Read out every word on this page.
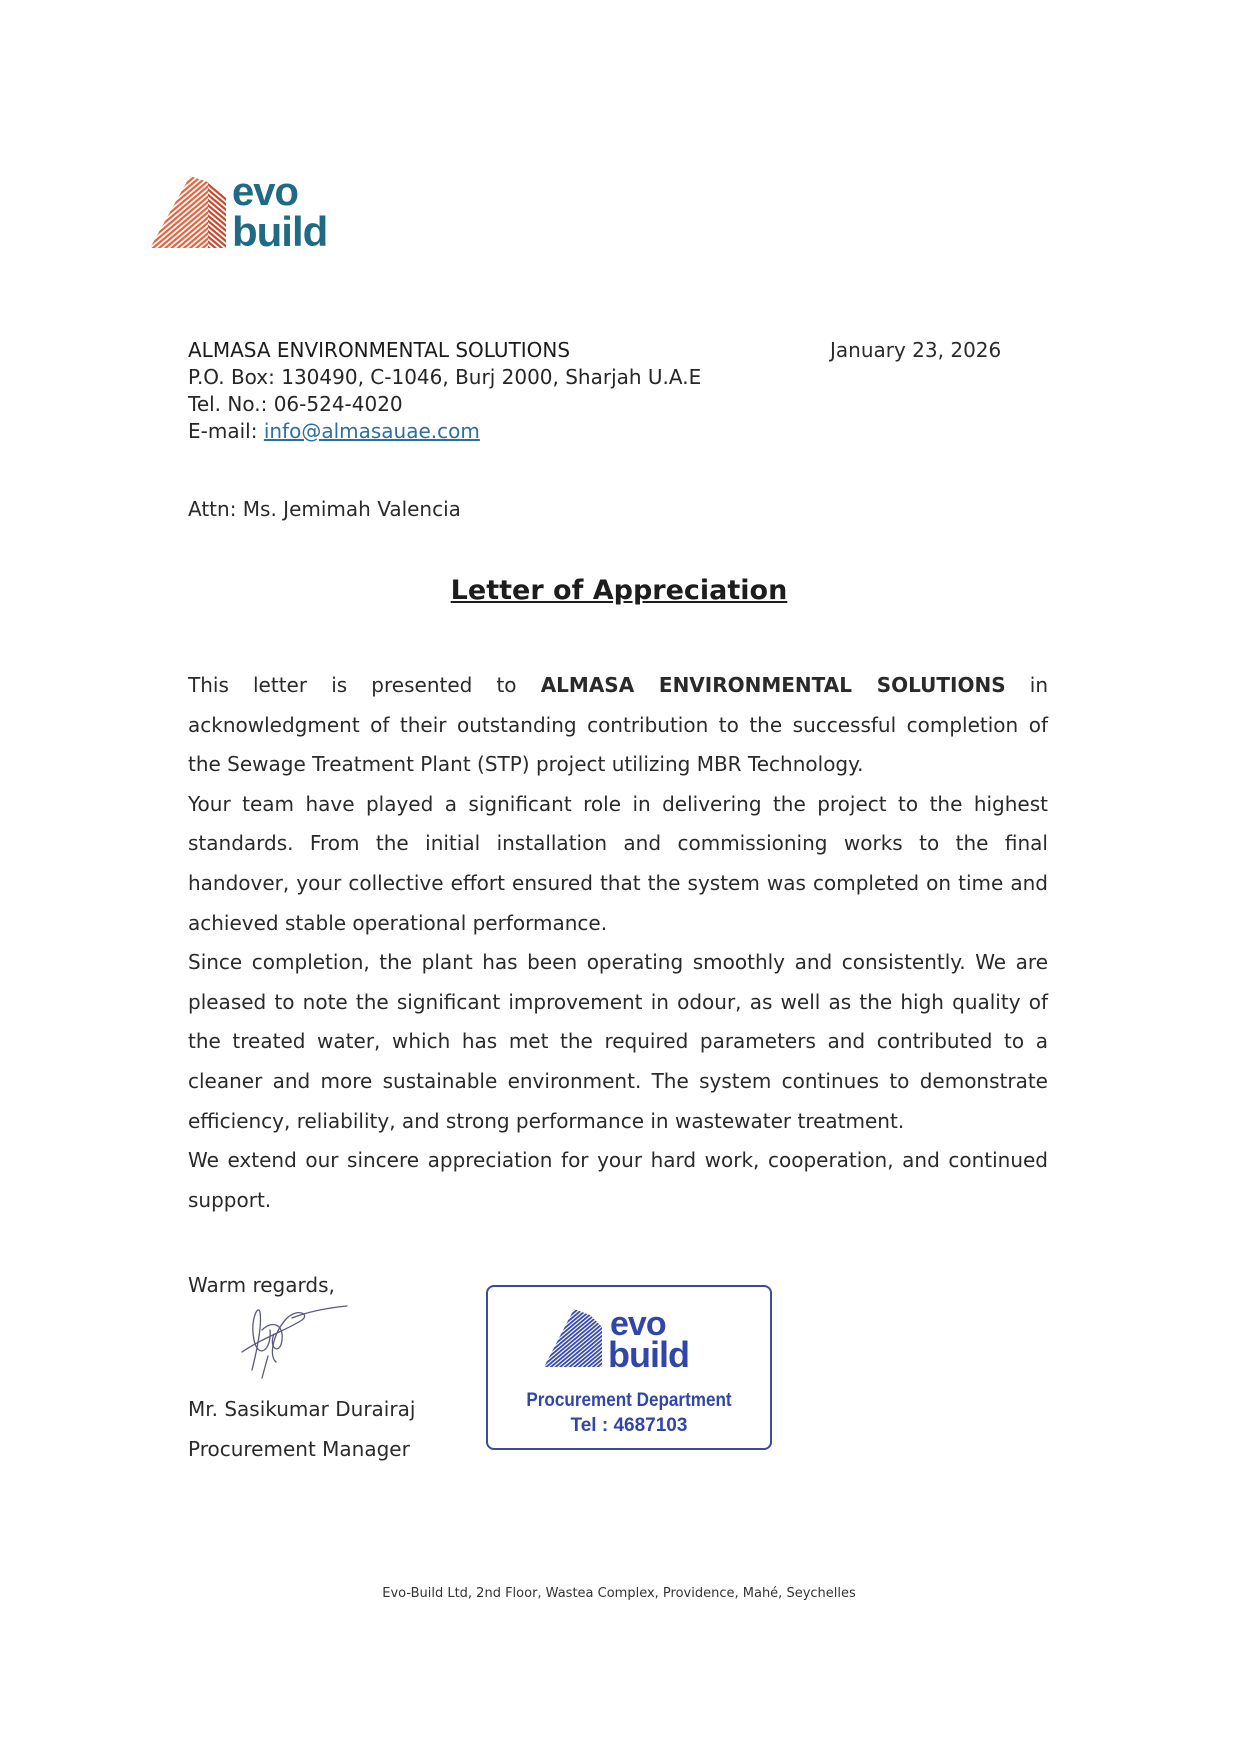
evo
build
ALMASA ENVIRONMENTAL SOLUTIONS
P.O. Box: 130490, C-1046, Burj 2000, Sharjah U.A.E
Tel. No.: 06-524-4020
E-mail: info@almasauae.com
January 23, 2026
Attn: Ms. Jemimah Valencia
Letter of Appreciation

This letter is presented to ALMASA ENVIRONMENTAL SOLUTIONS in acknowledgment of their outstanding contribution to the successful completion of the Sewage Treatment Plant (STP) project utilizing MBR Technology.

Your team have played a significant role in delivering the project to the highest standards. From the initial installation and commissioning works to the final handover, your collective effort ensured that the system was completed on time and achieved stable operational performance.

Since completion, the plant has been operating smoothly and consistently. We are pleased to note the significant improvement in odour, as well as the high quality of the treated water, which has met the required parameters and contributed to a cleaner and more sustainable environment. The system continues to demonstrate efficiency, reliability, and strong performance in wastewater treatment.

We extend our sincere appreciation for your hard work, cooperation, and continued support.

Warm regards,
Mr. Sasikumar Durairaj
Procurement Manager
evo
build
Procurement Department
Tel : 4687103
Evo-Build Ltd, 2nd Floor, Wastea Complex, Providence, Mahé, Seychelles
